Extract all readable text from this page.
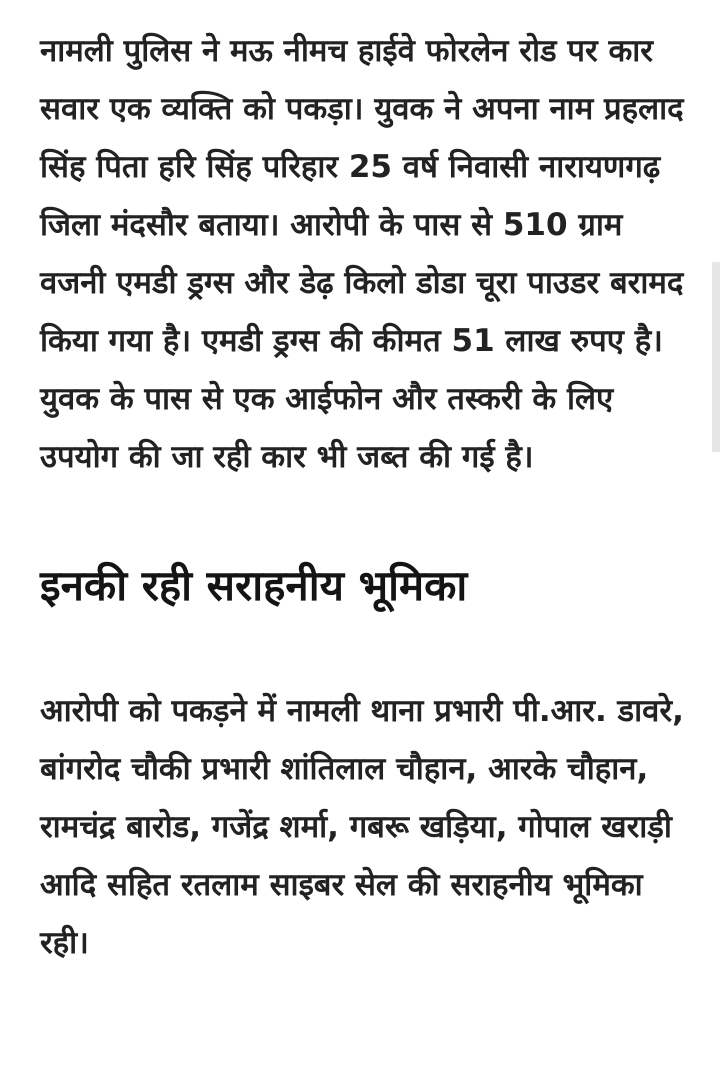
नामली पुलिस ने मऊ नीमच हाईवे फोरलेन रोड पर कार सवार एक व्यक्ति को पकड़ा। युवक ने अपना नाम प्रहलाद सिंह पिता हरि सिंह परिहार 25 वर्ष निवासी नारायणगढ़ जिला मंदसौर बताया। आरोपी के पास से 510 ग्राम वजनी एमडी ड्रग्स और डेढ़ किलो डोडा चूरा पाउडर बरामद किया गया है। एमडी ड्रग्स की कीमत 51 लाख रुपए है। युवक के पास से एक आईफोन और तस्करी के लिए उपयोग की जा रही कार भी जब्त की गई है।

इनकी रही सराहनीय भूमिका

आरोपी को पकड़ने में नामली थाना प्रभारी पी.आर. डावरे, बांगरोद चौकी प्रभारी शांतिलाल चौहान, आरके चौहान, रामचंद्र बारोड, गजेंद्र शर्मा, गबरू खड़िया, गोपाल खराड़ी आदि सहित रतलाम साइबर सेल की सराहनीय भूमिका रही।
